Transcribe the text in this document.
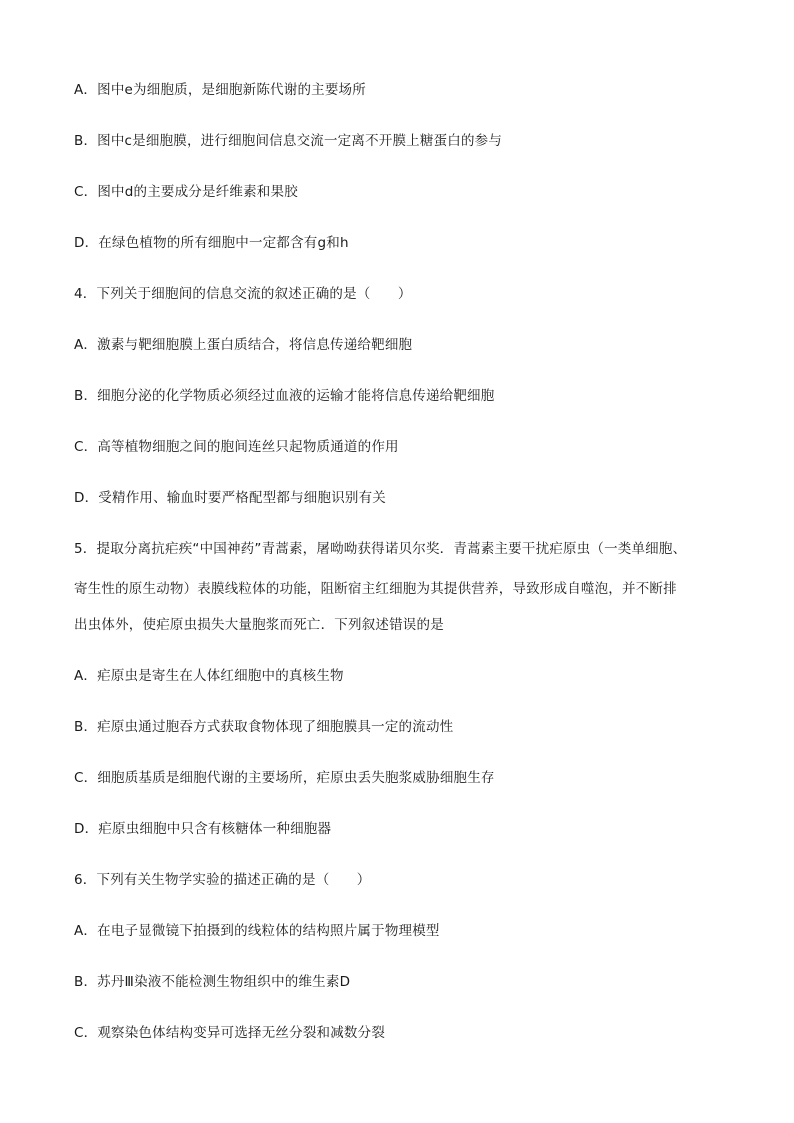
A．图中e为细胞质，是细胞新陈代谢的主要场所
B．图中c是细胞膜，进行细胞间信息交流一定离不开膜上糖蛋白的参与
C．图中d的主要成分是纤维素和果胶
D．在绿色植物的所有细胞中一定都含有g和h
4．下列关于细胞间的信息交流的叙述正确的是（　　）
A．激素与靶细胞膜上蛋白质结合，将信息传递给靶细胞
B．细胞分泌的化学物质必须经过血液的运输才能将信息传递给靶细胞
C．高等植物细胞之间的胞间连丝只起物质通道的作用
D．受精作用、输血时要严格配型都与细胞识别有关
5．提取分离抗疟疾“中国神药”青蒿素，屠呦呦获得诺贝尔奖．青蒿素主要干扰疟原虫（一类单细胞、
寄生性的原生动物）表膜线粒体的功能，阻断宿主红细胞为其提供营养，导致形成自噬泡，并不断排
出虫体外，使疟原虫损失大量胞浆而死亡．下列叙述错误的是
A．疟原虫是寄生在人体红细胞中的真核生物
B．疟原虫通过胞吞方式获取食物体现了细胞膜具一定的流动性
C．细胞质基质是细胞代谢的主要场所，疟原虫丢失胞浆威胁细胞生存
D．疟原虫细胞中只含有核糖体一种细胞器
6．下列有关生物学实验的描述正确的是（　　）
A．在电子显微镜下拍摄到的线粒体的结构照片属于物理模型
B．苏丹Ⅲ染液不能检测生物组织中的维生素D
C．观察染色体结构变异可选择无丝分裂和减数分裂
